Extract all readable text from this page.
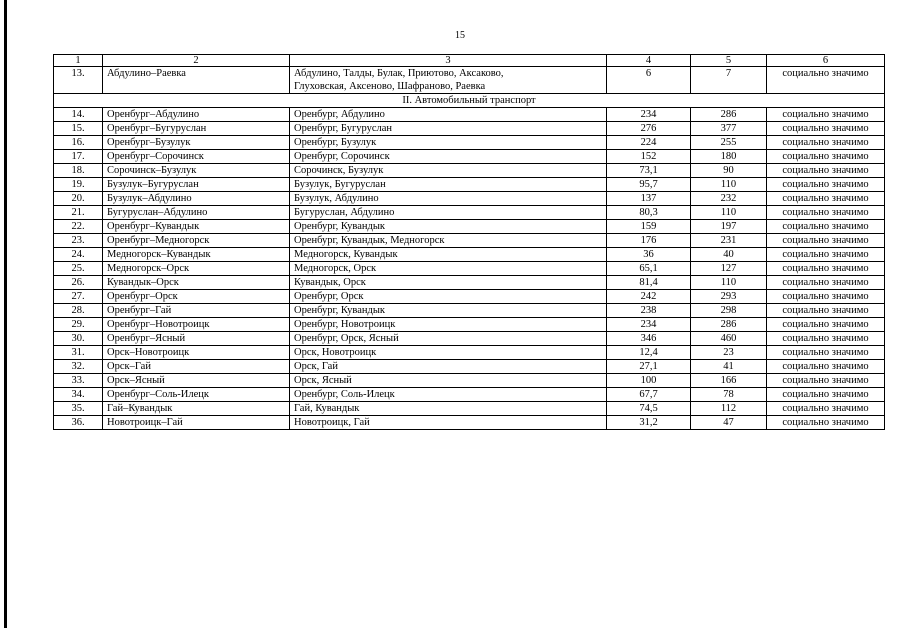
15
1	2	3	4	5	6
13.	Абдулино–Раевка	Абдулино, Талды, Булак, Приютово, Аксаково,
Глуховская, Аксеново, Шафраново, Раевка	6	7	социально значимо
II. Автомобильный транспорт					
14.	Оренбург–Абдулино	Оренбург, Абдулино	234	286	социально значимо
15.	Оренбург–Бугуруслан	Оренбург, Бугуруслан	276	377	социально значимо
16.	Оренбург–Бузулук	Оренбург, Бузулук	224	255	социально значимо
17.	Оренбург–Сорочинск	Оренбург, Сорочинск	152	180	социально значимо
18.	Сорочинск–Бузулук	Сорочинск, Бузулук	73,1	90	социально значимо
19.	Бузулук–Бугуруслан	Бузулук, Бугуруслан	95,7	110	социально значимо
20.	Бузулук–Абдулино	Бузулук, Абдулино	137	232	социально значимо
21.	Бугуруслан–Абдулино	Бугуруслан, Абдулино	80,3	110	социально значимо
22.	Оренбург–Кувандык	Оренбург, Кувандык	159	197	социально значимо
23.	Оренбург–Медногорск	Оренбург, Кувандык, Медногорск	176	231	социально значимо
24.	Медногорск–Кувандык	Медногорск, Кувандык	36	40	социально значимо
25.	Медногорск–Орск	Медногорск, Орск	65,1	127	социально значимо
26.	Кувандык–Орск	Кувандык, Орск	81,4	110	социально значимо
27.	Оренбург–Орск	Оренбург, Орск	242	293	социально значимо
28.	Оренбург–Гай	Оренбург, Кувандык	238	298	социально значимо
29.	Оренбург–Новотроицк	Оренбург, Новотроицк	234	286	социально значимо
30.	Оренбург–Ясный	Оренбург, Орск, Ясный	346	460	социально значимо
31.	Орск–Новотроицк	Орск, Новотроицк	12,4	23	социально значимо
32.	Орск–Гай	Орск, Гай	27,1	41	социально значимо
33.	Орск–Ясный	Орск, Ясный	100	166	социально значимо
34.	Оренбург–Соль-Илецк	Оренбург, Соль-Илецк	67,7	78	социально значимо
35.	Гай–Кувандык	Гай, Кувандык	74,5	112	социально значимо
36.	Новотроицк–Гай	Новотроицк, Гай	31,2	47	социально значимо
